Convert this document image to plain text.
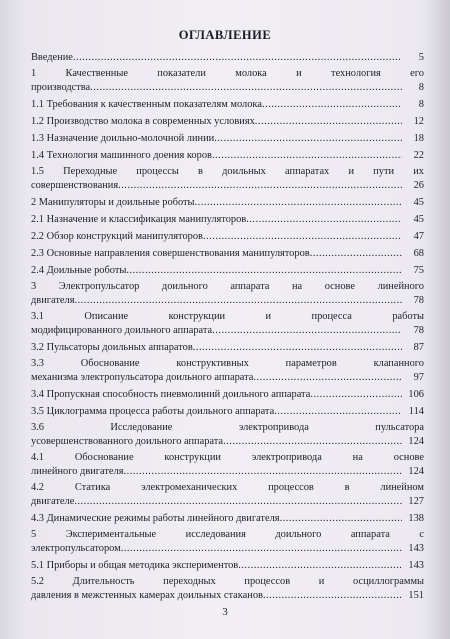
ОГЛАВЛЕНИЕ
Введение .....	5
1 Качественные показатели молока и технология его
производства .....	8
1.1 Требования к качественным показателям молока .....	8
1.2 Производство молока в современных условиях .....	12
1.3 Назначение доильно-молочной линии .....	18
1.4 Технология машинного доения коров .....	22
1.5 Переходные процессы в доильных аппаратах и пути их
совершенствования .....	26
2 Манипуляторы и доильные роботы .....	45
2.1 Назначение и классификация манипуляторов .....	45
2.2 Обзор конструкций манипуляторов .....	47
2.3 Основные направления совершенствования манипуляторов .....	68
2.4 Доильные роботы .....	75
3 Электропульсатор доильного аппарата на основе линейного
двигателя .....	78
3.1 Описание конструкции и процесса работы
модифицированного доильного аппарата .....	78
3.2 Пульсаторы доильных аппаратов .....	87
3.3 Обоснование конструктивных параметров клапанного
механизма электропульсатора доильного аппарата .....	97
3.4 Пропускная способность пневмолиний доильного аппарата .....	106
3.5 Циклограмма процесса работы доильного аппарата .....	114
3.6 Исследование электропривода пульсатора
усовершенствованного доильного аппарата .....	124
4.1 Обоснование конструкции электропривода на основе
линейного двигателя .....	124
4.2 Статика электромеханических процессов в линейном
двигателе .....	127
4.3 Динамические режимы работы линейного двигателя .....	138
5 Экспериментальные исследования доильного аппарата с
электропульсатором .....	143
5.1 Приборы и общая методика экспериментов .....	143
5.2 Длительность переходных процессов и осциллограммы
давления в межстенных камерах доильных стаканов .....	151
3
